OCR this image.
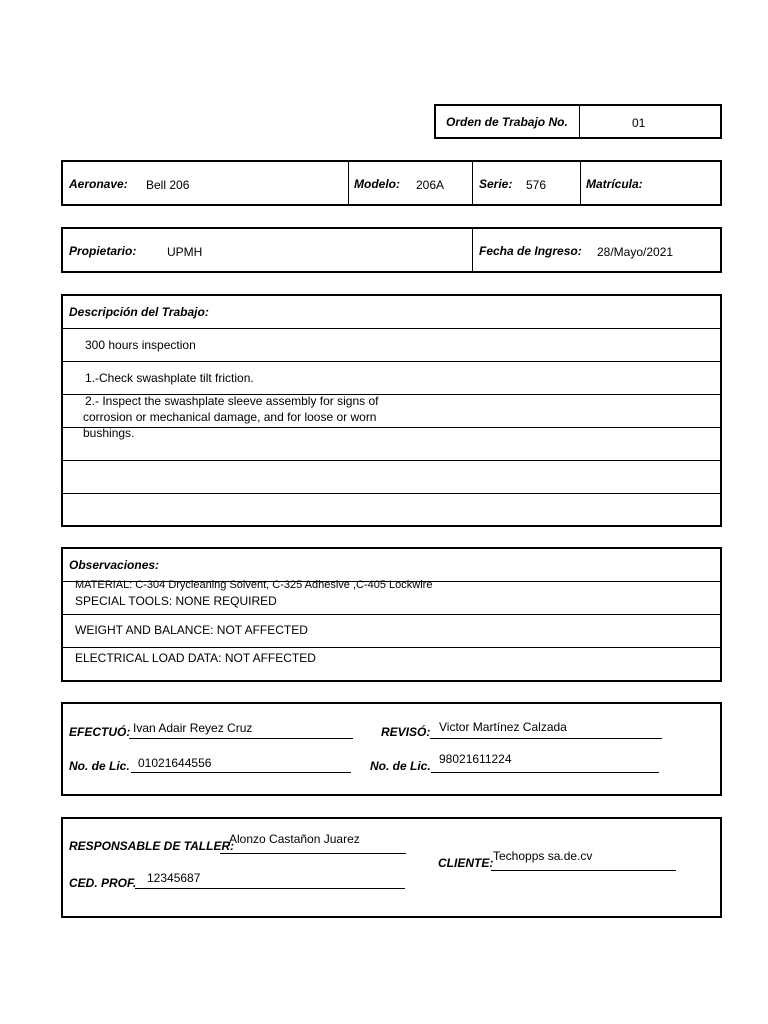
Orden de Trabajo No.	01
Aeronave: Bell 206	Modelo: 206A	Serie: 576	Matrícula:
Propietario:	UPMH	Fecha de Ingreso: 28/Mayo/2021
Descripción del Trabajo:
300 hours inspection
1.-Check swashplate tilt friction.
2.- Inspect the swashplate sleeve assembly for signs of
corrosion or mechanical damage, and for loose or worn
bushings.
Observaciones:
MATERIAL: C-304 Drycleaning Solvent, C-325 Adhesive ,C-405 Lockwire
SPECIAL TOOLS: NONE REQUIRED
WEIGHT AND BALANCE: NOT AFFECTED
ELECTRICAL LOAD DATA: NOT AFFECTED
EFECTUÓ: Ivan Adair Reyez Cruz	REVISÓ: Victor Martínez Calzada
No. de Lic. 01021644556	No. de Lic. 98021611224
RESPONSABLE DE TALLER:
Alonzo Castañon Juarez
CED. PROF. 12345687
CLIENTE: Techopps sa.de.cv
